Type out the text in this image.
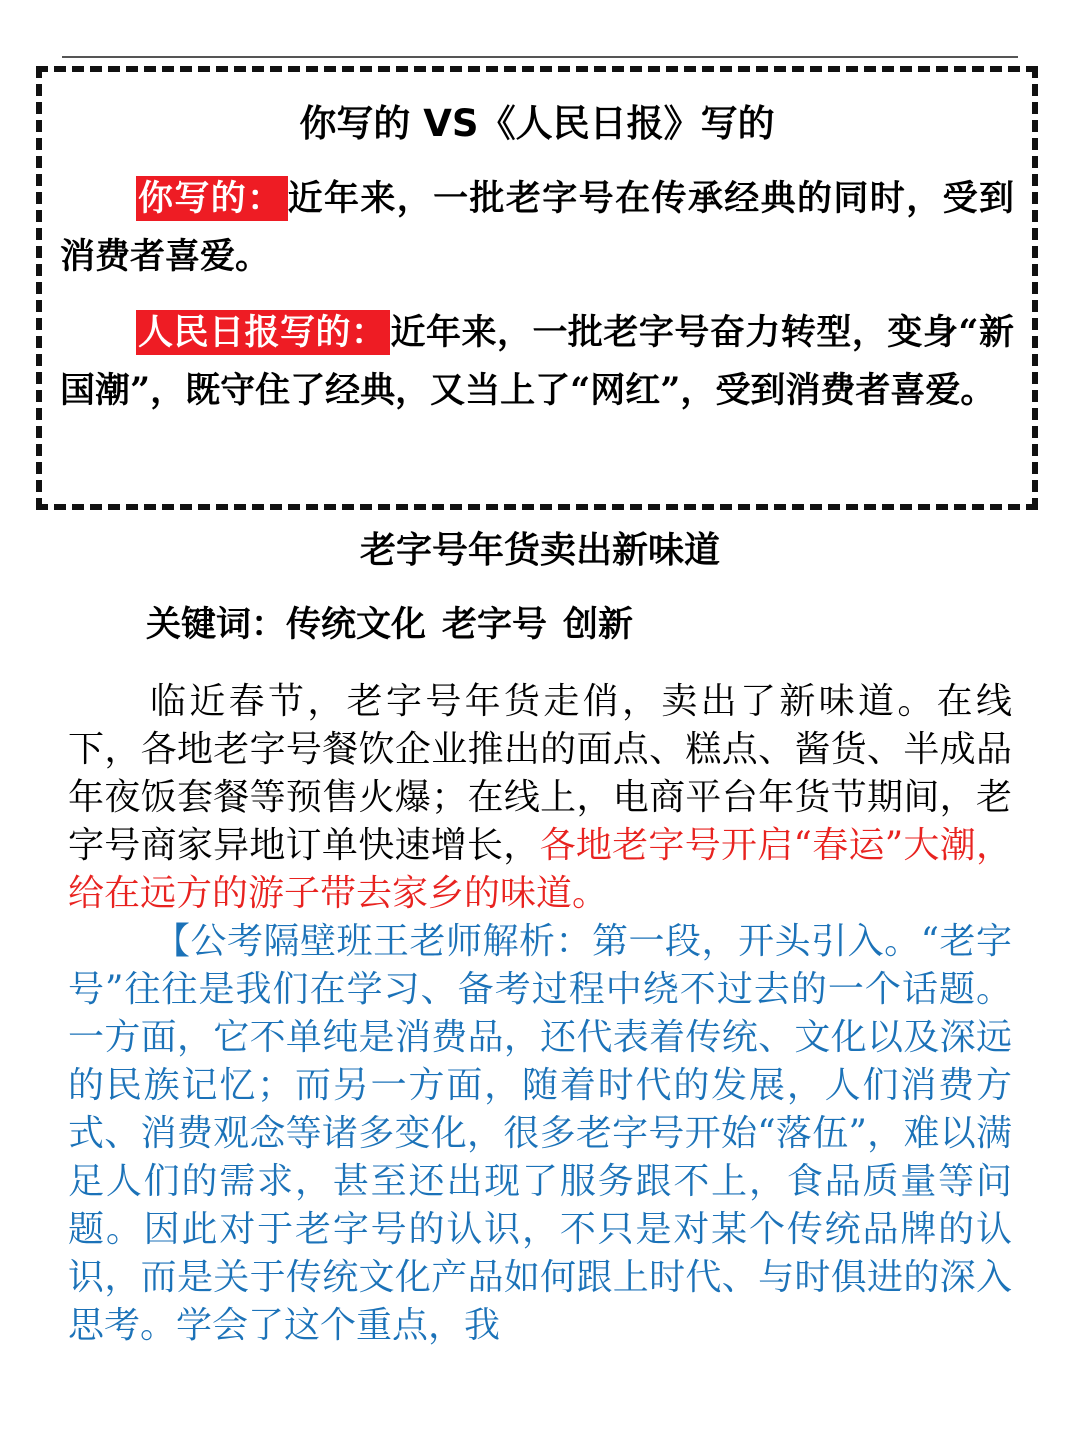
你写的 VS《人民日报》写的

你写的： 近年来，一批老字号在传承经典的同时，受到消费者喜爱。

人民日报写的： 近年来，一批老字号奋力转型，变身“新国潮”，既守住了经典，又当上了“网红”，受到消费者喜爱。

老字号年货卖出新味道
关键词：传统文化 老字号 创新

临近春节，老字号年货走俏，卖出了新味道。在线下，各地老字号餐饮企业推出的面点、糕点、酱货、半成品年夜饭套餐等预售火爆；在线上，电商平台年货节期间，老字号商家异地订单快速增长，各地老字号开启“春运”大潮，给在远方的游子带去家乡的味道。

【公考隔壁班王老师解析：第一段，开头引入。“老字号”往往是我们在学习、备考过程中绕不过去的一个话题。一方面，它不单纯是消费品，还代表着传统、文化以及深远的民族记忆；而另一方面，随着时代的发展，人们消费方式、消费观念等诸多变化，很多老字号开始“落伍”，难以满足人们的需求，甚至还出现了服务跟不上，食品质量等问题。因此对于老字号的认识，不只是对某个传统品牌的认识，而是关于传统文化产品如何跟上时代、与时俱进的深入思考。学会了这个重点，我
